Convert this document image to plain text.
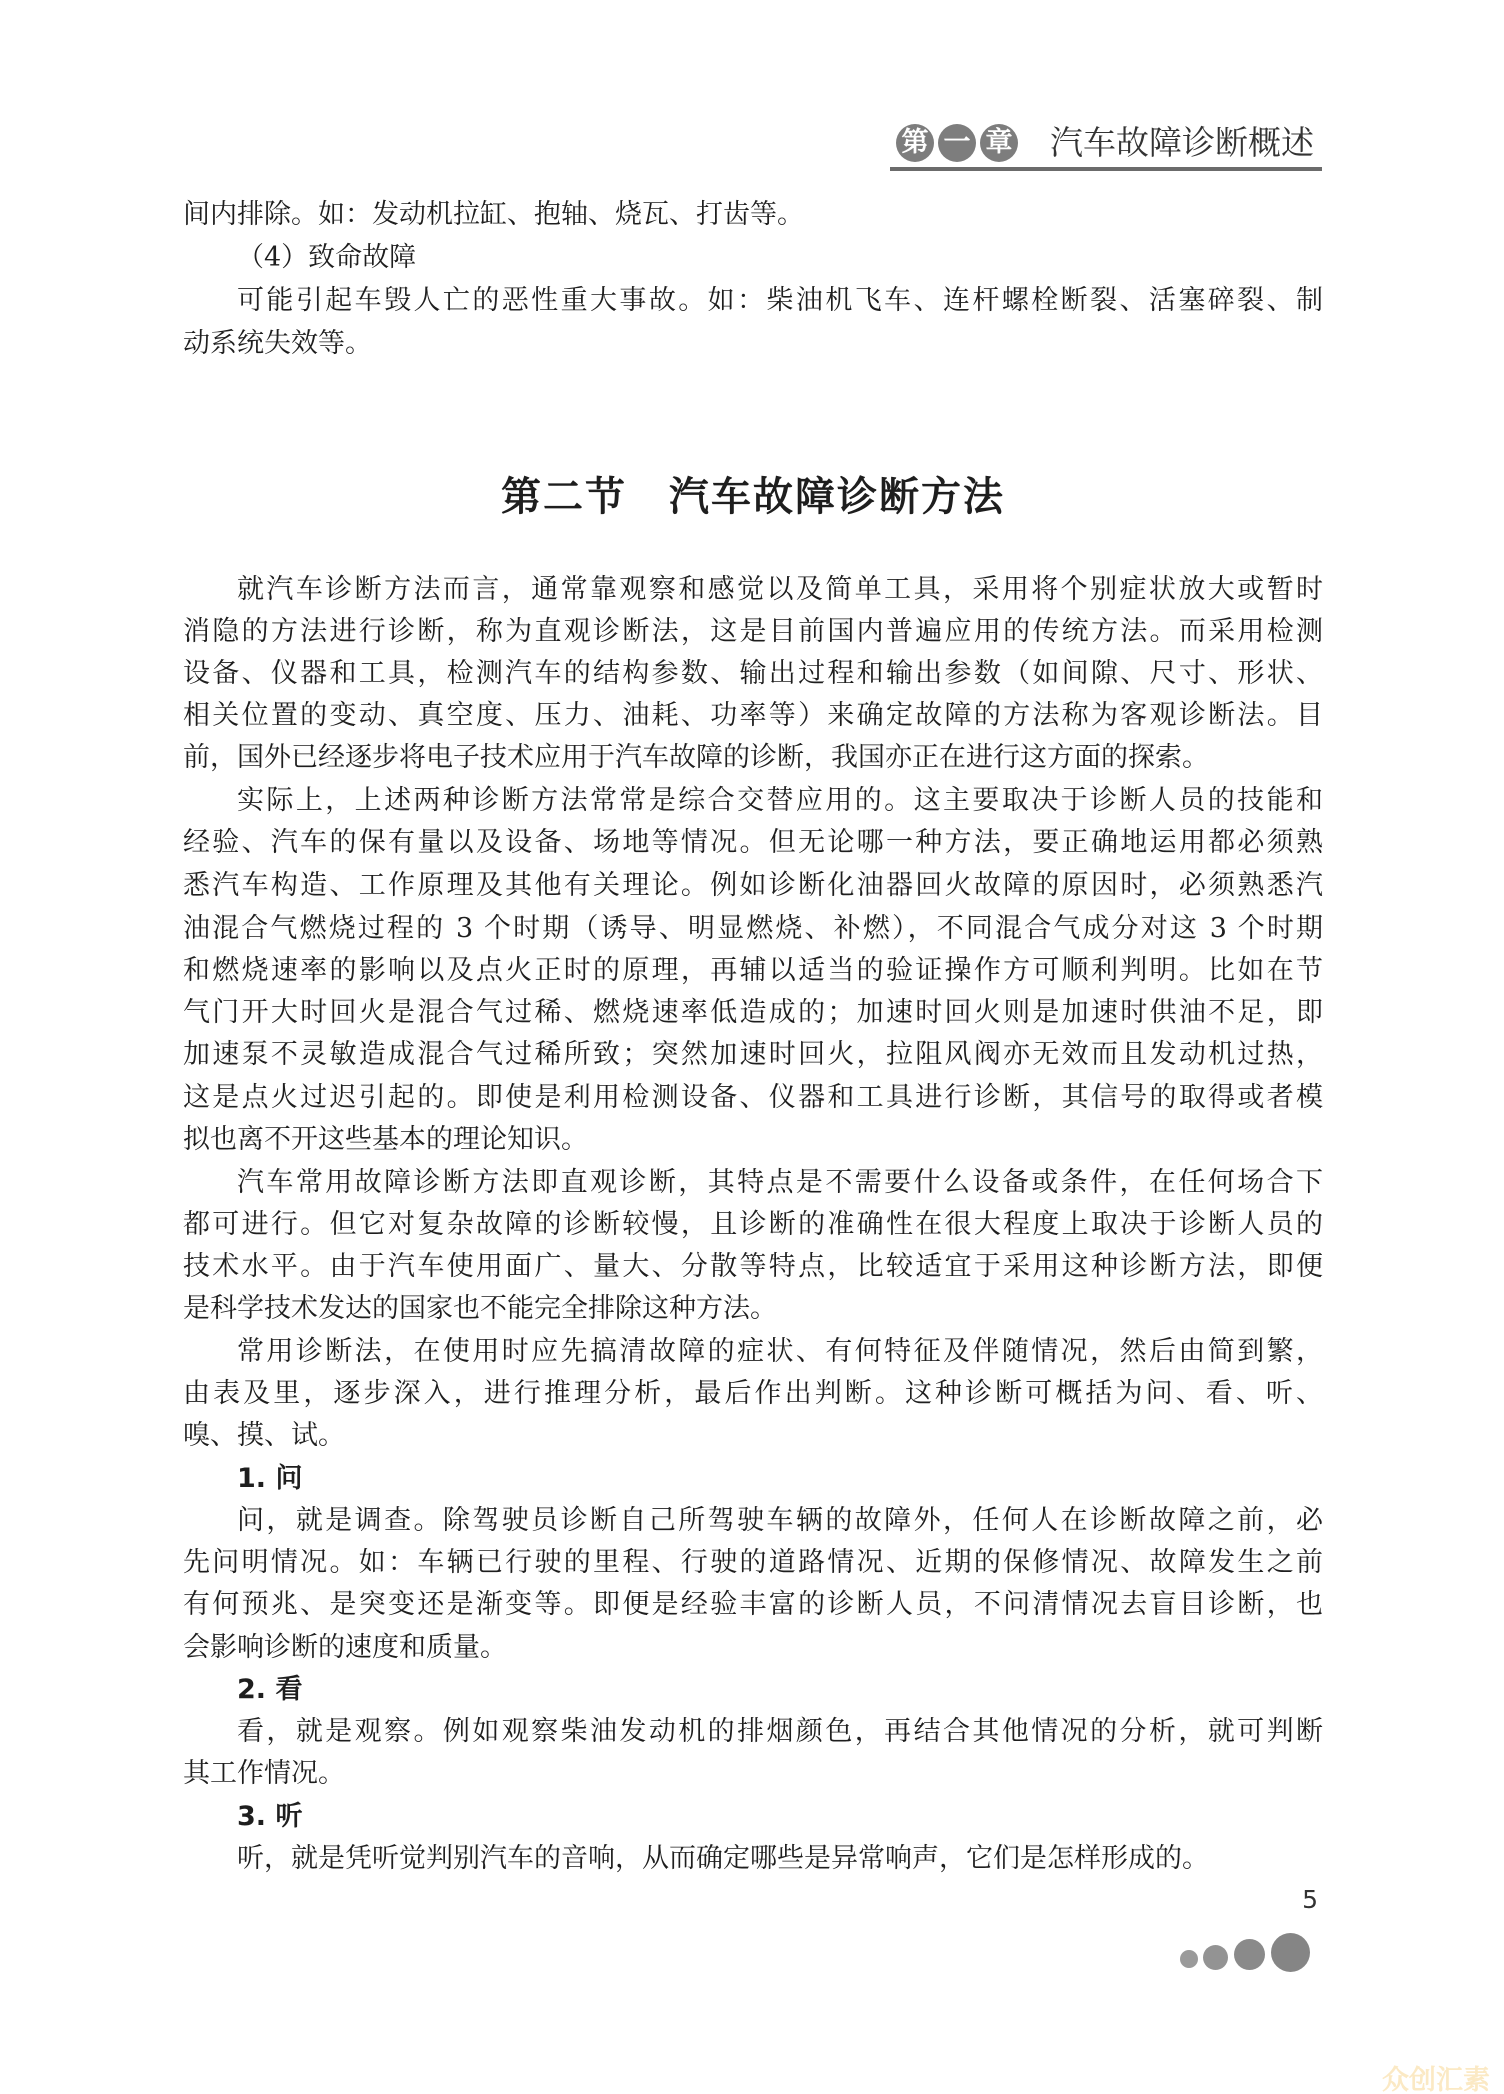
第 一 章 汽车故障诊断概述
间内排除。如：发动机拉缸、抱轴、烧瓦、打齿等。
（4）致命故障
可能引起车毁人亡的恶性重大事故。如：柴油机飞车、连杆螺栓断裂、活塞碎裂、制
动系统失效等。
第二节　汽车故障诊断方法
就汽车诊断方法而言，通常靠观察和感觉以及简单工具，采用将个别症状放大或暂时
消隐的方法进行诊断，称为直观诊断法，这是目前国内普遍应用的传统方法。而采用检测
设备、仪器和工具，检测汽车的结构参数、输出过程和输出参数（如间隙、尺寸、形状、
相关位置的变动、真空度、压力、油耗、功率等）来确定故障的方法称为客观诊断法。目
前，国外已经逐步将电子技术应用于汽车故障的诊断，我国亦正在进行这方面的探索。
实际上，上述两种诊断方法常常是综合交替应用的。这主要取决于诊断人员的技能和
经验、汽车的保有量以及设备、场地等情况。但无论哪一种方法，要正确地运用都必须熟
悉汽车构造、工作原理及其他有关理论。例如诊断化油器回火故障的原因时，必须熟悉汽
油混合气燃烧过程的 3 个时期（诱导、明显燃烧、补燃），不同混合气成分对这 3 个时期
和燃烧速率的影响以及点火正时的原理，再辅以适当的验证操作方可顺利判明。比如在节
气门开大时回火是混合气过稀、燃烧速率低造成的；加速时回火则是加速时供油不足，即
加速泵不灵敏造成混合气过稀所致；突然加速时回火，拉阻风阀亦无效而且发动机过热，
这是点火过迟引起的。即使是利用检测设备、仪器和工具进行诊断，其信号的取得或者模
拟也离不开这些基本的理论知识。
汽车常用故障诊断方法即直观诊断，其特点是不需要什么设备或条件，在任何场合下
都可进行。但它对复杂故障的诊断较慢，且诊断的准确性在很大程度上取决于诊断人员的
技术水平。由于汽车使用面广、量大、分散等特点，比较适宜于采用这种诊断方法，即便
是科学技术发达的国家也不能完全排除这种方法。
常用诊断法，在使用时应先搞清故障的症状、有何特征及伴随情况，然后由简到繁，
由表及里，逐步深入，进行推理分析，最后作出判断。这种诊断可概括为问、看、听、
嗅、摸、试。
1. 问
问，就是调查。除驾驶员诊断自己所驾驶车辆的故障外，任何人在诊断故障之前，必
先问明情况。如：车辆已行驶的里程、行驶的道路情况、近期的保修情况、故障发生之前
有何预兆、是突变还是渐变等。即便是经验丰富的诊断人员，不问清情况去盲目诊断，也
会影响诊断的速度和质量。
2. 看
看，就是观察。例如观察柴油发动机的排烟颜色，再结合其他情况的分析，就可判断
其工作情况。
3. 听
听，就是凭听觉判别汽车的音响，从而确定哪些是异常响声，它们是怎样形成的。
5
众创汇素
